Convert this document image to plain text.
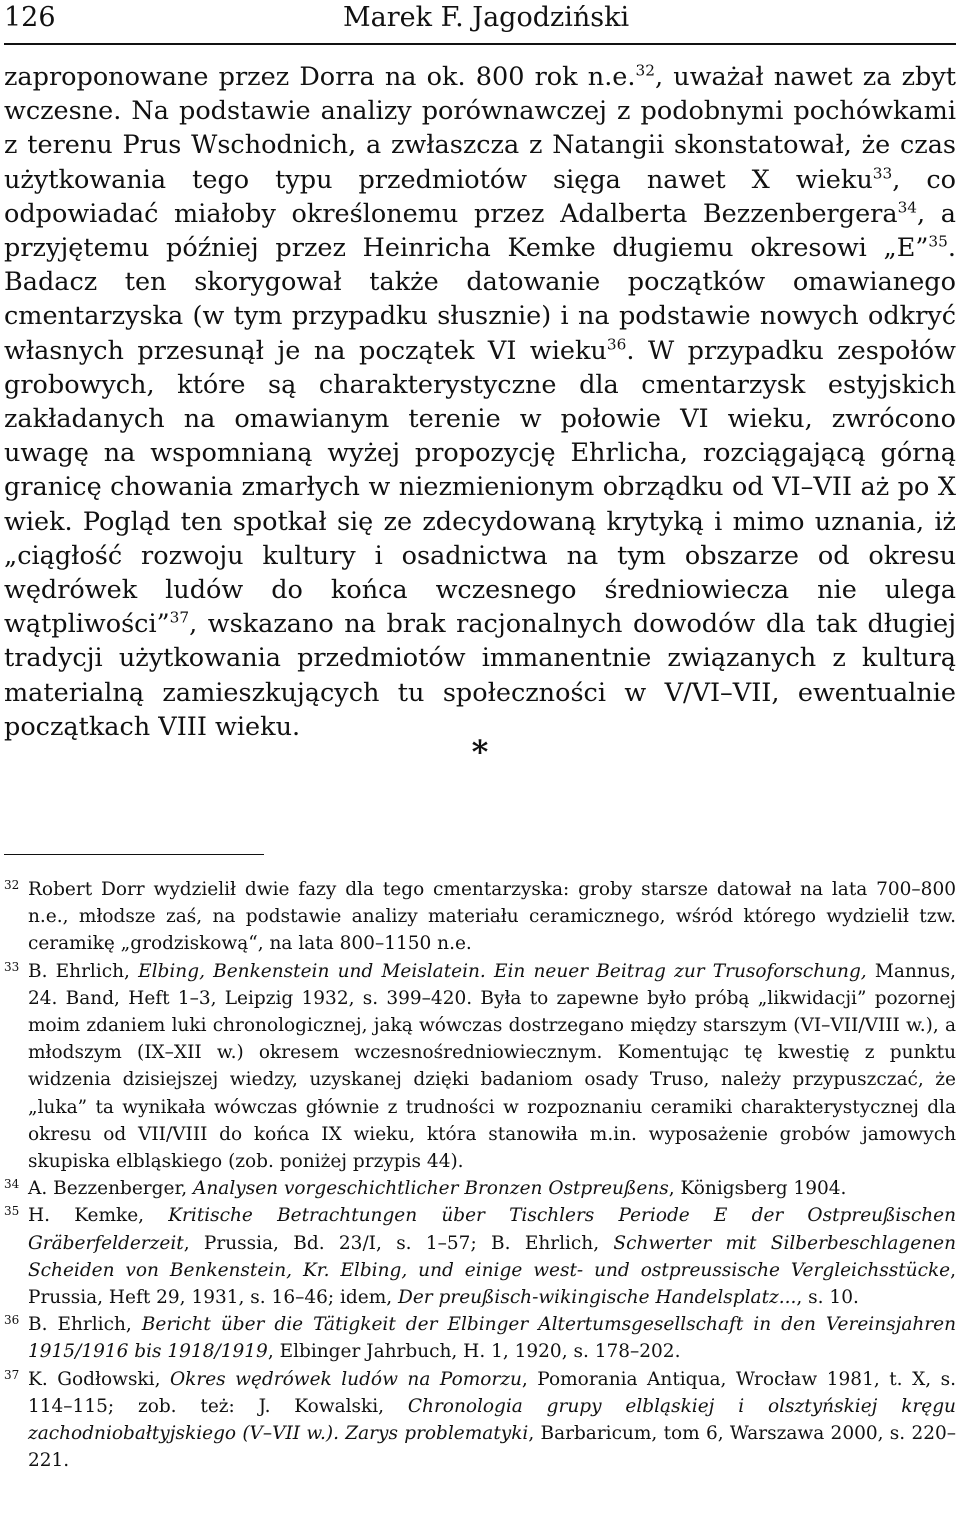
126	Marek F. Jagodziński

zaproponowane przez Dorra na ok. 800 rok n.e.$^{32}$, uważał nawet za zbyt wczesne. Na podstawie analizy porównawczej z podobnymi pochówkami z terenu Prus Wschodnich, a zwłaszcza z Natangii skonstatował, że czas użytkowania tego typu przedmiotów sięga nawet X wieku$^{33}$, co odpowiadać miałoby określonemu przez Adalberta Bezzenbergera$^{34}$, a przyjętemu później przez Heinricha Kemke długiemu okresowi „E”$^{35}$. Badacz ten skorygował także datowanie początków omawianego cmentarzyska (w tym przypadku słusznie) i na podstawie nowych odkryć własnych przesunął je na początek VI wieku$^{36}$. W przypadku zespołów grobowych, które są charakterystyczne dla cmentarzysk estyjskich zakładanych na omawianym terenie w połowie VI wieku, zwrócono uwagę na wspomnianą wyżej propozycję Ehrlicha, rozciągającą górną granicę chowania zmarłych w niezmienionym obrządku od VI–VII aż po X wiek. Pogląd ten spotkał się ze zdecydowaną krytyką i mimo uznania, iż „ciągłość rozwoju kultury i osadnictwa na tym obszarze od okresu wędrówek ludów do końca wczesnego średniowiecza nie ulega wątpliwości”$^{37}$, wskazano na brak racjonalnych dowodów dla tak długiej tradycji użytkowania przedmiotów immanentnie związanych z kulturą materialną zamieszkujących tu społeczności w V/VI–VII, ewentualnie początkach VIII wieku.

*

32 Robert Dorr wydzielił dwie fazy dla tego cmentarzyska: groby starsze datował na lata 700–800 n.e., młodsze zaś, na podstawie analizy materiału ceramicznego, wśród którego wydzielił tzw. ceramikę „grodziskową“, na lata 800–1150 n.e.

33 B. Ehrlich, Elbing, Benkenstein und Meislatein. Ein neuer Beitrag zur Trusoforschung, Mannus, 24. Band, Heft 1–3, Leipzig 1932, s. 399–420. Była to zapewne było próbą „likwidacji” pozornej moim zdaniem luki chronologicznej, jaką wówczas dostrzegano między starszym (VI–VII/VIII w.), a młodszym (IX–XII w.) okresem wczesnośredniowiecznym. Komentując tę kwestię z punktu widzenia dzisiejszej wiedzy, uzyskanej dzięki badaniom osady Truso, należy przypuszczać, że „luka” ta wynikała wówczas głównie z trudności w rozpoznaniu ceramiki charakterystycznej dla okresu od VII/VIII do końca IX wieku, która stanowiła m.in. wyposażenie grobów jamowych skupiska elbląskiego (zob. poniżej przypis 44).

34 A. Bezzenberger, Analysen vorgeschichtlicher Bronzen Ostpreußens, Königsberg 1904.

35 H. Kemke, Kritische Betrachtungen über Tischlers Periode E der Ostpreußischen Gräberfelderzeit, Prussia, Bd. 23/I, s. 1–57; B. Ehrlich, Schwerter mit Silberbeschlagenen Scheiden von Benkenstein, Kr. Elbing, und einige west- und ostpreussische Vergleichsstücke, Prussia, Heft 29, 1931, s. 16–46; idem, Der preußisch-wikingische Handelsplatz..., s. 10.

36 B. Ehrlich, Bericht über die Tätigkeit der Elbinger Altertumsgesellschaft in den Vereinsjahren 1915/1916 bis 1918/1919, Elbinger Jahrbuch, H. 1, 1920, s. 178–202.

37 K. Godłowski, Okres wędrówek ludów na Pomorzu, Pomorania Antiqua, Wrocław 1981, t. X, s. 114–115; zob. też: J. Kowalski, Chronologia grupy elbląskiej i olsztyńskiej kręgu zachodniobałtyjskiego (V–VII w.). Zarys problematyki, Barbaricum, tom 6, Warszawa 2000, s. 220–221.
